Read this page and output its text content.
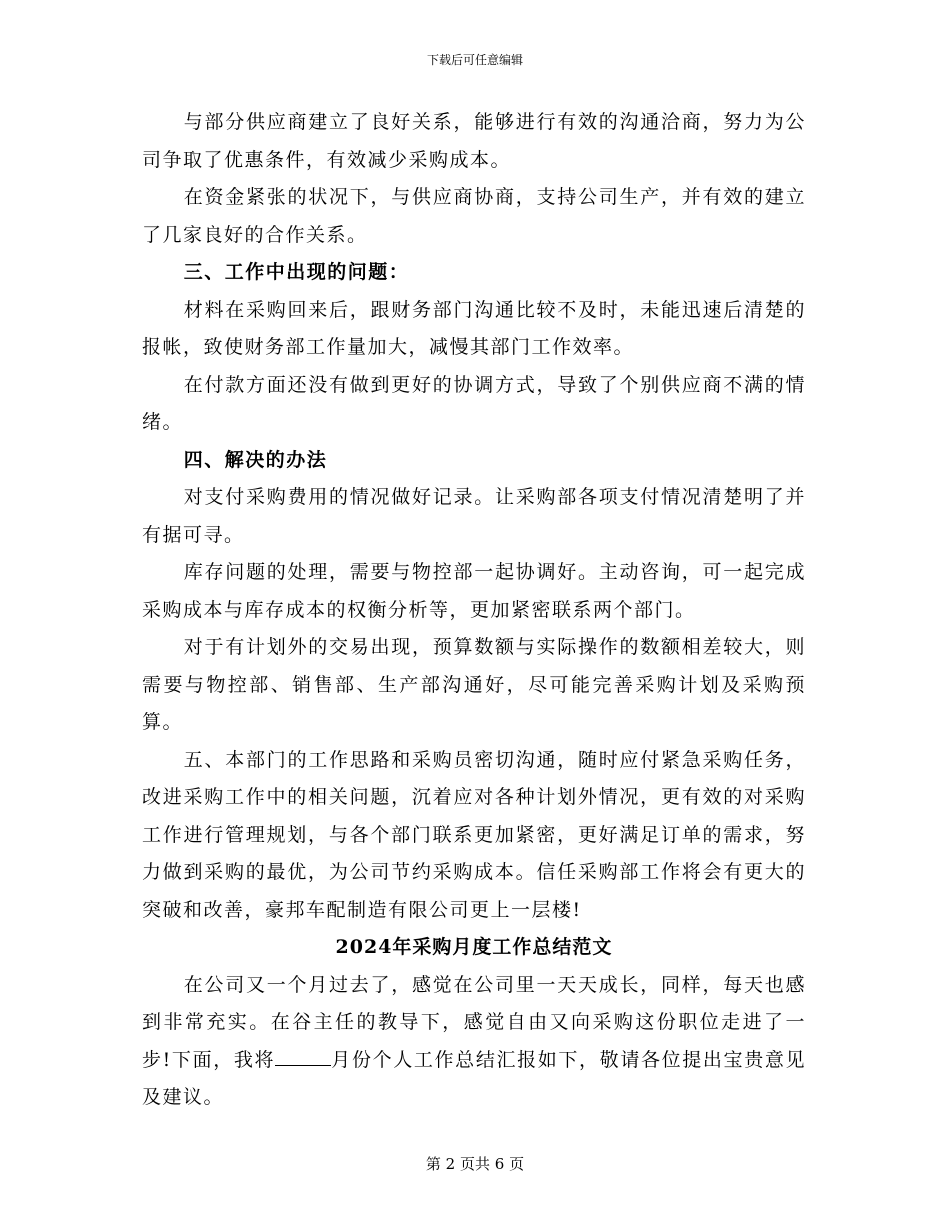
下载后可任意编辑

与部分供应商建立了良好关系，能够进行有效的沟通洽商，努力为公司争取了优惠条件，有效减少采购成本。

在资金紧张的状况下，与供应商协商，支持公司生产，并有效的建立了几家良好的合作关系。

三、工作中出现的问题：

材料在采购回来后，跟财务部门沟通比较不及时，未能迅速后清楚的报帐，致使财务部工作量加大，减慢其部门工作效率。

在付款方面还没有做到更好的协调方式，导致了个别供应商不满的情绪。

四、解决的办法

对支付采购费用的情况做好记录。让采购部各项支付情况清楚明了并有据可寻。

库存问题的处理，需要与物控部一起协调好。主动咨询，可一起完成采购成本与库存成本的权衡分析等，更加紧密联系两个部门。

对于有计划外的交易出现，预算数额与实际操作的数额相差较大，则需要与物控部、销售部、生产部沟通好，尽可能完善采购计划及采购预算。

五、本部门的工作思路和采购员密切沟通，随时应付紧急采购任务，改进采购工作中的相关问题，沉着应对各种计划外情况，更有效的对采购工作进行管理规划，与各个部门联系更加紧密，更好满足订单的需求，努力做到采购的最优，为公司节约采购成本。信任采购部工作将会有更大的突破和改善，豪邦车配制造有限公司更上一层楼!

2024年采购月度工作总结范文

在公司又一个月过去了，感觉在公司里一天天成长，同样，每天也感到非常充实。在谷主任的教导下，感觉自由又向采购这份职位走进了一步!下面，我将	月份个人工作总结汇报如下，敬请各位提出宝贵意见及建议。

第 2 页共 6 页
